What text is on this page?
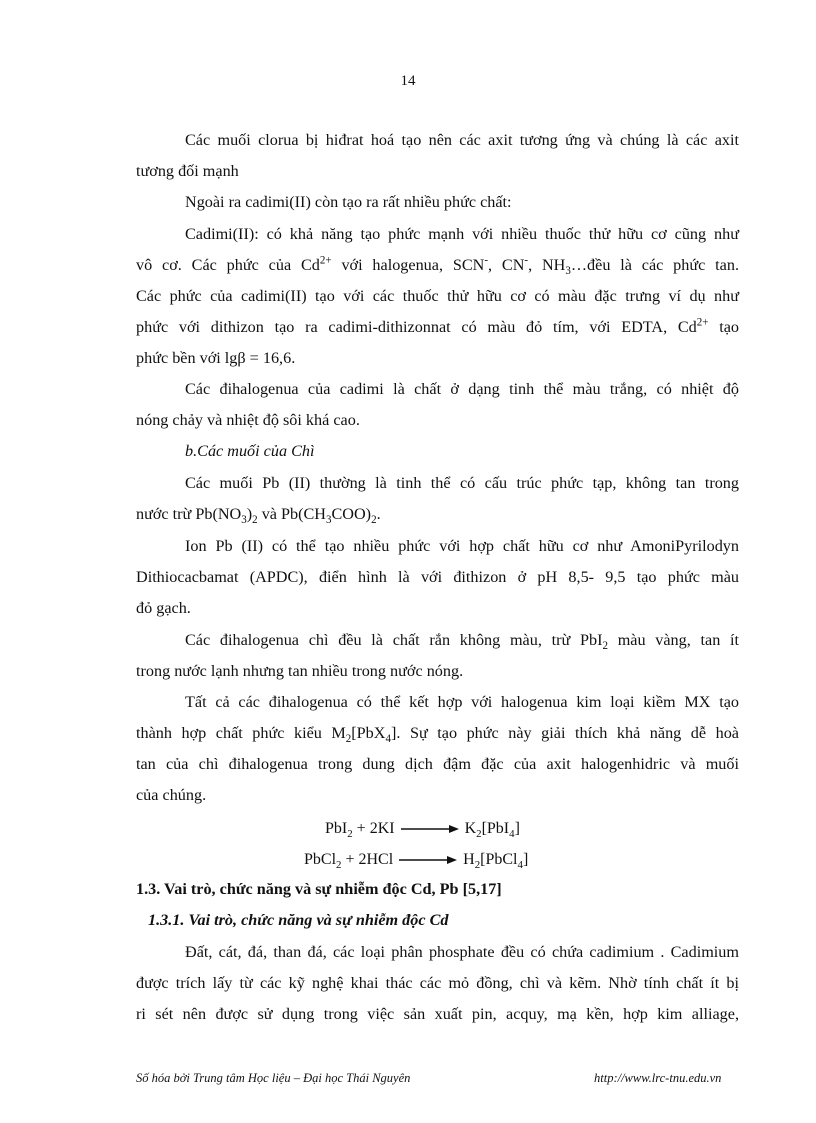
14
Các muối clorua bị hiđrat hoá tạo nên các axit tương ứng và chúng là các axit
tương đối mạnh
Ngoài ra cadimi(II) còn tạo ra rất nhiều phức chất:
Cadimi(II): có khả năng tạo phức mạnh với nhiều thuốc thử hữu cơ cũng như
vô cơ. Các phức của $Cd^{2+}$ với halogenua, SCN-, CN-, $NH_3\dots đều$ là các phức tan.
Các phức của cadimi(II) tạo với các thuốc thử hữu cơ có màu đặc trưng ví dụ như
phức với dithizon tạo ra cadimi-dithizonnat có màu đỏ tím, với EDTA, $Cd^{2+}$ tạo
phức bền với lgβ = 16,6.
Các đihalogenua của cadimi là chất ở dạng tinh thể màu trắng, có nhiệt độ
nóng chảy và nhiệt độ sôi khá cao.
b.Các muối của Chì
Các muối Pb (II) thường là tinh thể có cấu trúc phức tạp, không tan trong
nước trừ $Pb(NO_3)_2$ và $Pb(CH_3COO)_2$.
Ion Pb (II) có thể tạo nhiều phức với hợp chất hữu cơ như AmoniPyrilodyn
Dithiocacbamat (APDC), điển hình là với đithizon ở pH 8,5- 9,5 tạo phức màu
đỏ gạch.
Các đihalogenua chì đều là chất rắn không màu, trừ PbI$_2$ màu vàng, tan ít
trong nước lạnh nhưng tan nhiều trong nước nóng.
Tất cả các đihalogenua có thể kết hợp với halogenua kim loại kiềm MX tạo
thành hợp chất phức kiểu $M_2[PbX_4]$. Sự tạo phức này giải thích khả năng dễ hoà
tan của chì đihalogenua trong dung dịch đậm đặc của axit halogenhidric và muối
của chúng.
$PbI_2 + 2KI \to K_2[PbI_4]$
PbCl$_2$ + $2HCl \to H_2[PbCl_4]$
1.3. Vai trò, chức năng và sự nhiễm độc Cd, Pb [5,17]
1.3.1. Vai trò, chức năng và sự nhiễm độc Cd
Đất, cát, đá, than đá, các loại phân phosphate đều có chứa cadimium . Cadimium
được trích lấy từ các kỹ nghệ khai thác các mỏ đồng, chì và kẽm. Nhờ tính chất ít bị
ri sét nên được sử dụng trong việc sản xuất pin, acquy, mạ kền, hợp kim alliage,
Số hóa bởi Trung tâm Học liệu – Đại học Thái Nguyên	http://www.lrc-tnu.edu.vn
